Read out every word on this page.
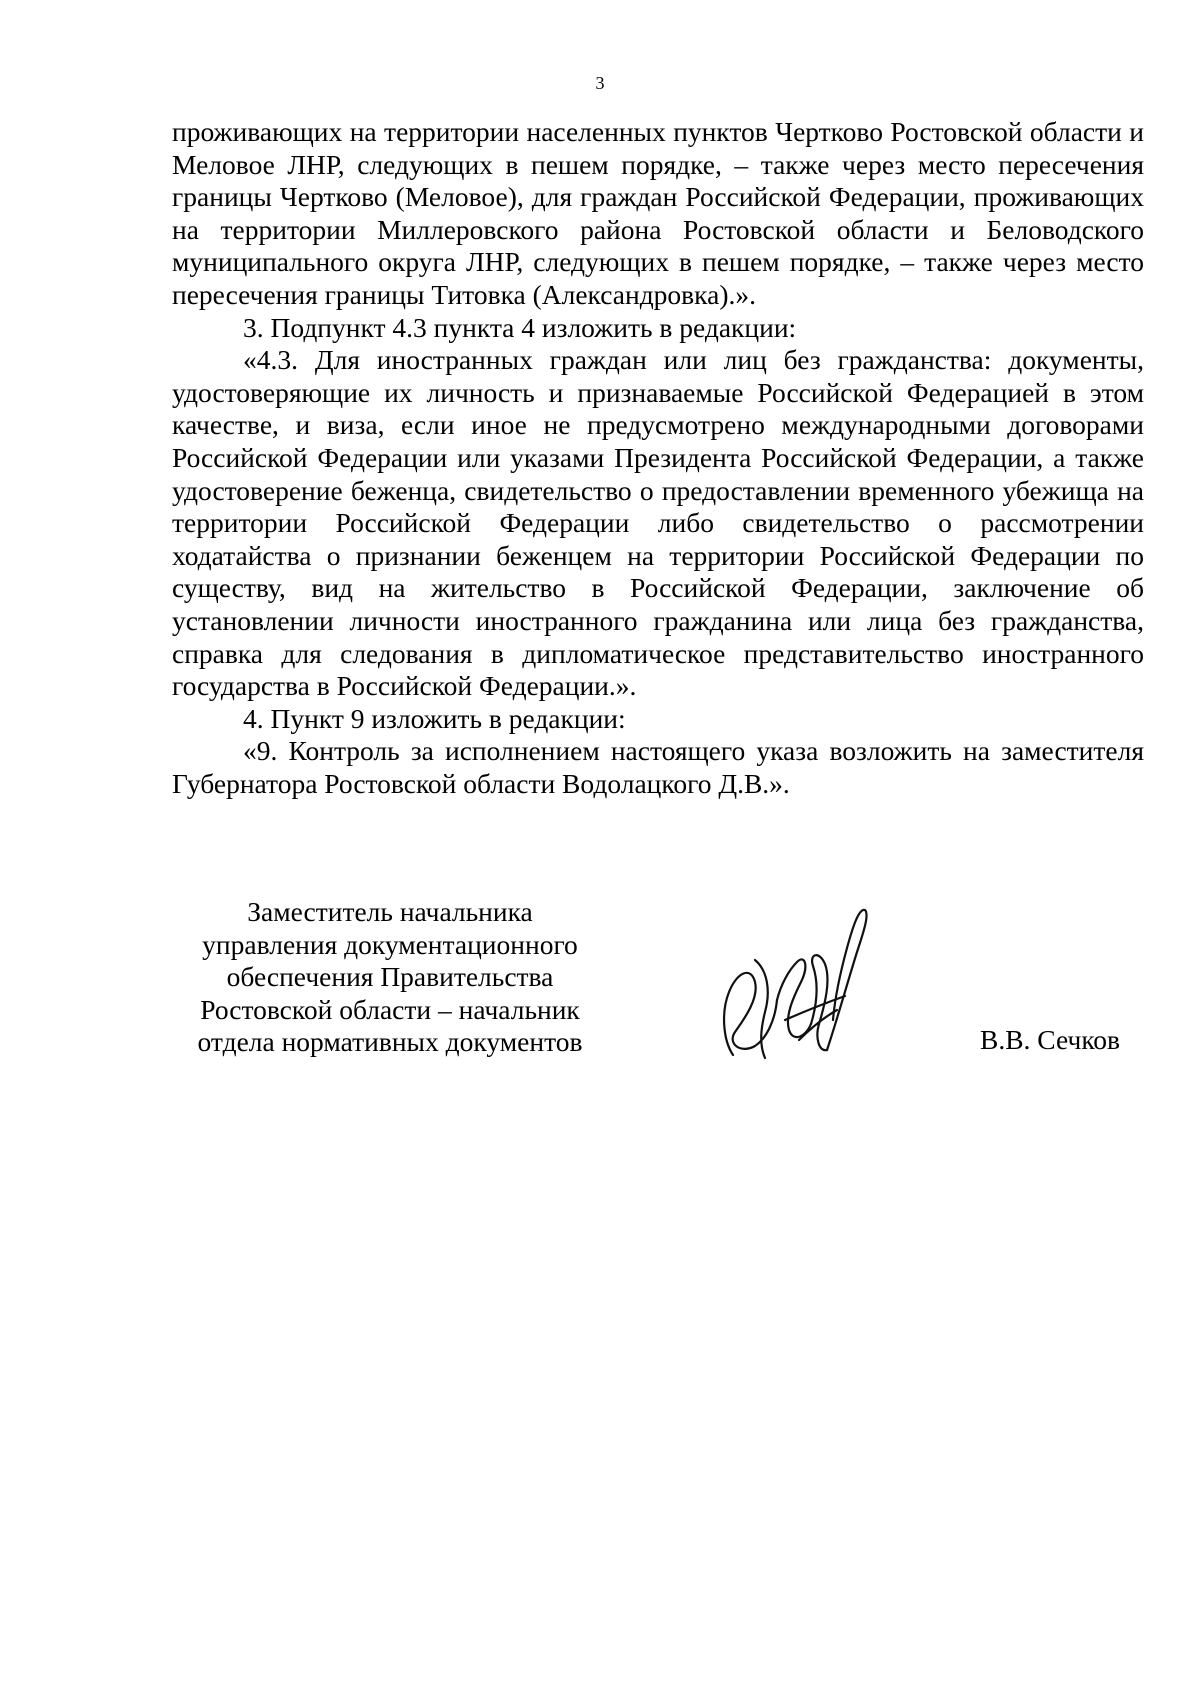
3

проживающих на территории населенных пунктов Чертково Ростовской области и Меловое ЛНР, следующих в пешем порядке, – также через место пересечения границы Чертково (Меловое), для граждан Российской Федерации, проживающих на территории Миллеровского района Ростовской области и Беловодского муниципального округа ЛНР, следующих в пешем порядке, – также через место пересечения границы Титовка (Александровка).».

3. Подпункт 4.3 пункта 4 изложить в редакции:

«4.3. Для иностранных граждан или лиц без гражданства: документы, удостоверяющие их личность и признаваемые Российской Федерацией в этом качестве, и виза, если иное не предусмотрено международными договорами Российской Федерации или указами Президента Российской Федерации, а также удостоверение беженца, свидетельство о предоставлении временного убежища на территории Российской Федерации либо свидетельство о рассмотрении ходатайства о признании беженцем на территории Российской Федерации по существу, вид на жительство в Российской Федерации, заключение об установлении личности иностранного гражданина или лица без гражданства, справка для следования в дипломатическое представительство иностранного государства в Российской Федерации.».

4. Пункт 9 изложить в редакции:

«9. Контроль за исполнением настоящего указа возложить на заместителя Губернатора Ростовской области Водолацкого Д.В.».

Заместитель начальника
управления документационного
обеспечения Правительства
Ростовской области – начальник
отдела нормативных документов	В.В. Сечков
